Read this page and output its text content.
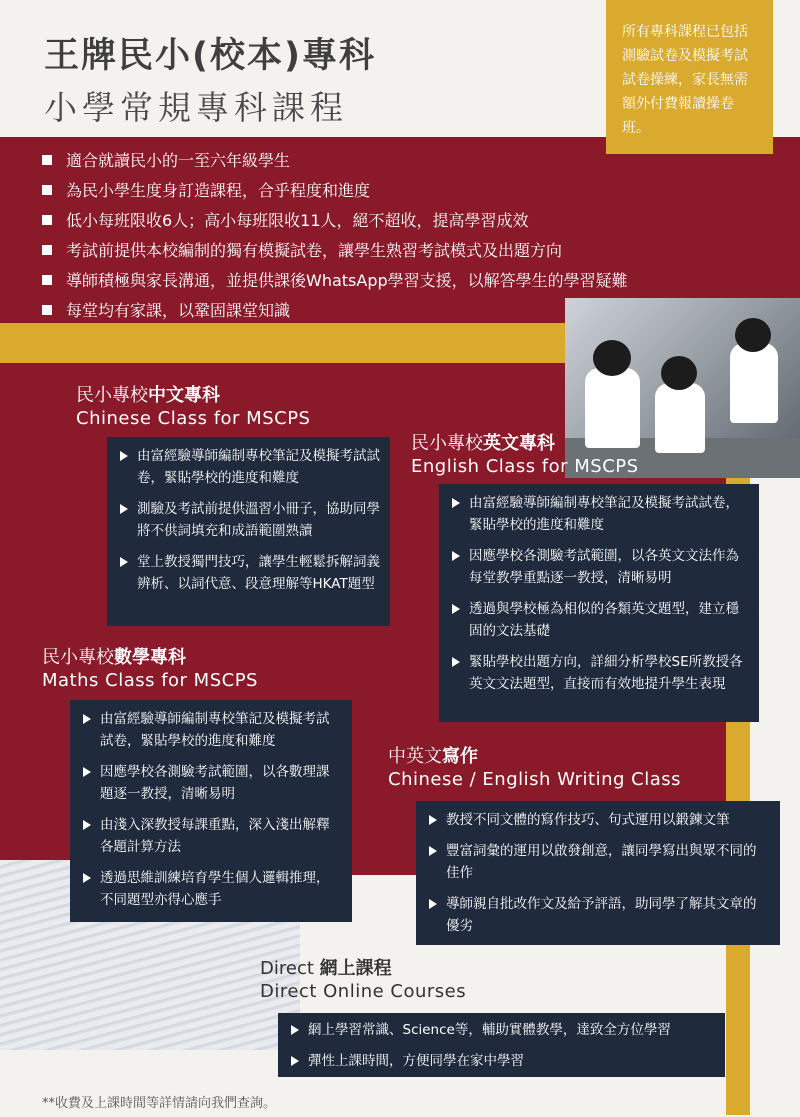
王牌民小(校本)專科
小學常規專科課程
所有專科課程已包括測驗試卷及模擬考試試卷操練，家長無需額外付費報讀操卷班。
適合就讀民小的一至六年級學生
為民小學生度身訂造課程，合乎程度和進度
低小每班限收6人；高小每班限收11人，絕不超收，提高學習成效
考試前提供本校編制的獨有模擬試卷，讓學生熟習考試模式及出題方向
導師積極與家長溝通，並提供課後WhatsApp學習支援，以解答學生的學習疑難
每堂均有家課，以鞏固課堂知識
民小專校中文專科
Chinese Class for MSCPS
由富經驗導師編制專校筆記及模擬考試試卷，緊貼學校的進度和難度
測驗及考試前提供溫習小冊子，協助同學將不供詞填充和成語範圍熟讀
堂上教授獨門技巧，讓學生輕鬆拆解詞義辨析、以詞代意、段意理解等HKAT題型
民小專校英文專科
English Class for MSCPS
由富經驗導師編制專校筆記及模擬考試試卷，緊貼學校的進度和難度
因應學校各測驗考試範圍，以各英文文法作為每堂教學重點逐一教授，清晰易明
透過與學校極為相似的各類英文題型，建立穩固的文法基礎
緊貼學校出題方向，詳細分析學校SE所教授各英文文法題型，直接而有效地提升學生表現
民小專校數學專科
Maths Class for MSCPS
由富經驗導師編制專校筆記及模擬考試試卷，緊貼學校的進度和難度
因應學校各測驗考試範圍，以各數理課題逐一教授，清晰易明
由淺入深教授每課重點，深入淺出解釋各題計算方法
透過思維訓練培育學生個人邏輯推理，不同題型亦得心應手
中英文寫作
Chinese / English Writing Class
教授不同文體的寫作技巧、句式運用以鍛鍊文筆
豐富詞彙的運用以啟發創意，讓同學寫出與眾不同的佳作
導師親自批改作文及給予評語，助同學了解其文章的優劣
Direct 網上課程
Direct Online Courses
網上學習常識、Science等，輔助實體教學，達致全方位學習
彈性上課時間，方便同學在家中學習
**收費及上課時間等詳情請向我們查詢。
